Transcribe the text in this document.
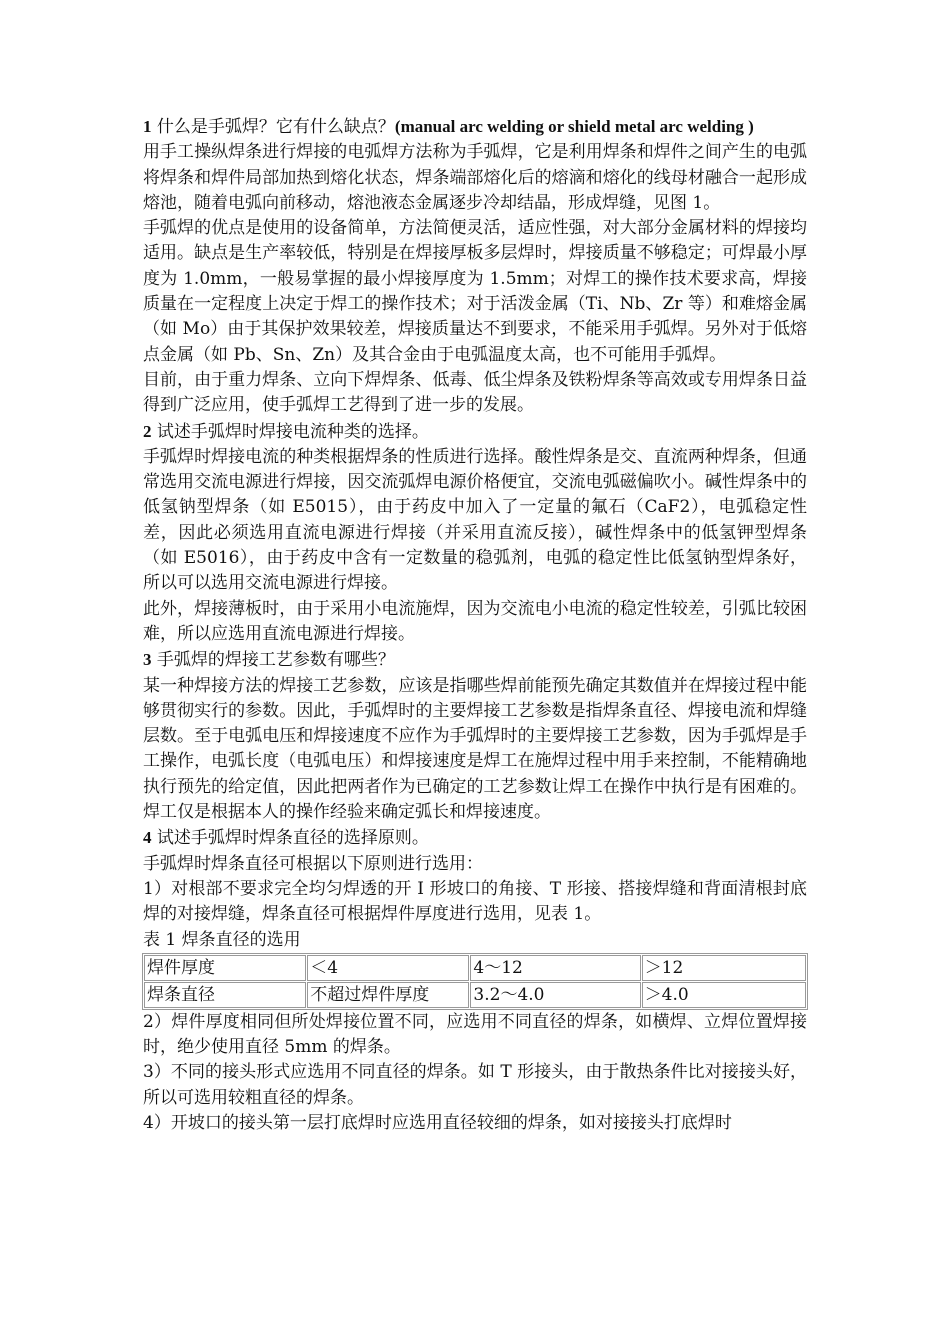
1 什么是手弧焊？它有什么缺点？(manual arc welding or shield metal arc welding )

用手工操纵焊条进行焊接的电弧焊方法称为手弧焊，它是利用焊条和焊件之间产生的电弧将焊条和焊件局部加热到熔化状态，焊条端部熔化后的熔滴和熔化的线母材融合一起形成熔池，随着电弧向前移动，熔池液态金属逐步冷却结晶，形成焊缝，见图 1。

手弧焊的优点是使用的设备简单，方法简便灵活，适应性强，对大部分金属材料的焊接均适用。缺点是生产率较低，特别是在焊接厚板多层焊时，焊接质量不够稳定；可焊最小厚度为 1.0mm，一般易掌握的最小焊接厚度为 1.5mm；对焊工的操作技术要求高，焊接质量在一定程度上决定于焊工的操作技术；对于活泼金属（Ti、Nb、Zr 等）和难熔金属（如 Mo）由于其保护效果较差，焊接质量达不到要求，不能采用手弧焊。另外对于低熔点金属（如 Pb、Sn、Zn）及其合金由于电弧温度太高，也不可能用手弧焊。

目前，由于重力焊条、立向下焊焊条、低毒、低尘焊条及铁粉焊条等高效或专用焊条日益得到广泛应用，使手弧焊工艺得到了进一步的发展。

2 试述手弧焊时焊接电流种类的选择。

手弧焊时焊接电流的种类根据焊条的性质进行选择。酸性焊条是交、直流两种焊条，但通常选用交流电源进行焊接，因交流弧焊电源价格便宜，交流电弧磁偏吹小。碱性焊条中的低氢钠型焊条（如 E5015），由于药皮中加入了一定量的氟石（CaF2），电弧稳定性差，因此必须选用直流电源进行焊接（并采用直流反接），碱性焊条中的低氢钾型焊条（如 E5016），由于药皮中含有一定数量的稳弧剂，电弧的稳定性比低氢钠型焊条好，所以可以选用交流电源进行焊接。

此外，焊接薄板时，由于采用小电流施焊，因为交流电小电流的稳定性较差，引弧比较困难，所以应选用直流电源进行焊接。

3 手弧焊的焊接工艺参数有哪些？

某一种焊接方法的焊接工艺参数，应该是指哪些焊前能预先确定其数值并在焊接过程中能够贯彻实行的参数。因此，手弧焊时的主要焊接工艺参数是指焊条直径、焊接电流和焊缝层数。至于电弧电压和焊接速度不应作为手弧焊时的主要焊接工艺参数，因为手弧焊是手工操作，电弧长度（电弧电压）和焊接速度是焊工在施焊过程中用手来控制，不能精确地执行预先的给定值，因此把两者作为已确定的工艺参数让焊工在操作中执行是有困难的。焊工仅是根据本人的操作经验来确定弧长和焊接速度。

4 试述手弧焊时焊条直径的选择原则。

手弧焊时焊条直径可根据以下原则进行选用：

1）对根部不要求完全均匀焊透的开 I 形坡口的角接、T 形接、搭接焊缝和背面清根封底焊的对接焊缝，焊条直径可根据焊件厚度进行选用，见表 1。

表 1 焊条直径的选用

焊件厚度	＜4	4～12	＞12
焊条直径	不超过焊件厚度	3.2～4.0	＞4.0

2）焊件厚度相同但所处焊接位置不同，应选用不同直径的焊条，如横焊、立焊位置焊接时，绝少使用直径 5mm 的焊条。

3）不同的接头形式应选用不同直径的焊条。如 T 形接头，由于散热条件比对接接头好，所以可选用较粗直径的焊条。

4）开坡口的接头第一层打底焊时应选用直径较细的焊条，如对接接头打底焊时
